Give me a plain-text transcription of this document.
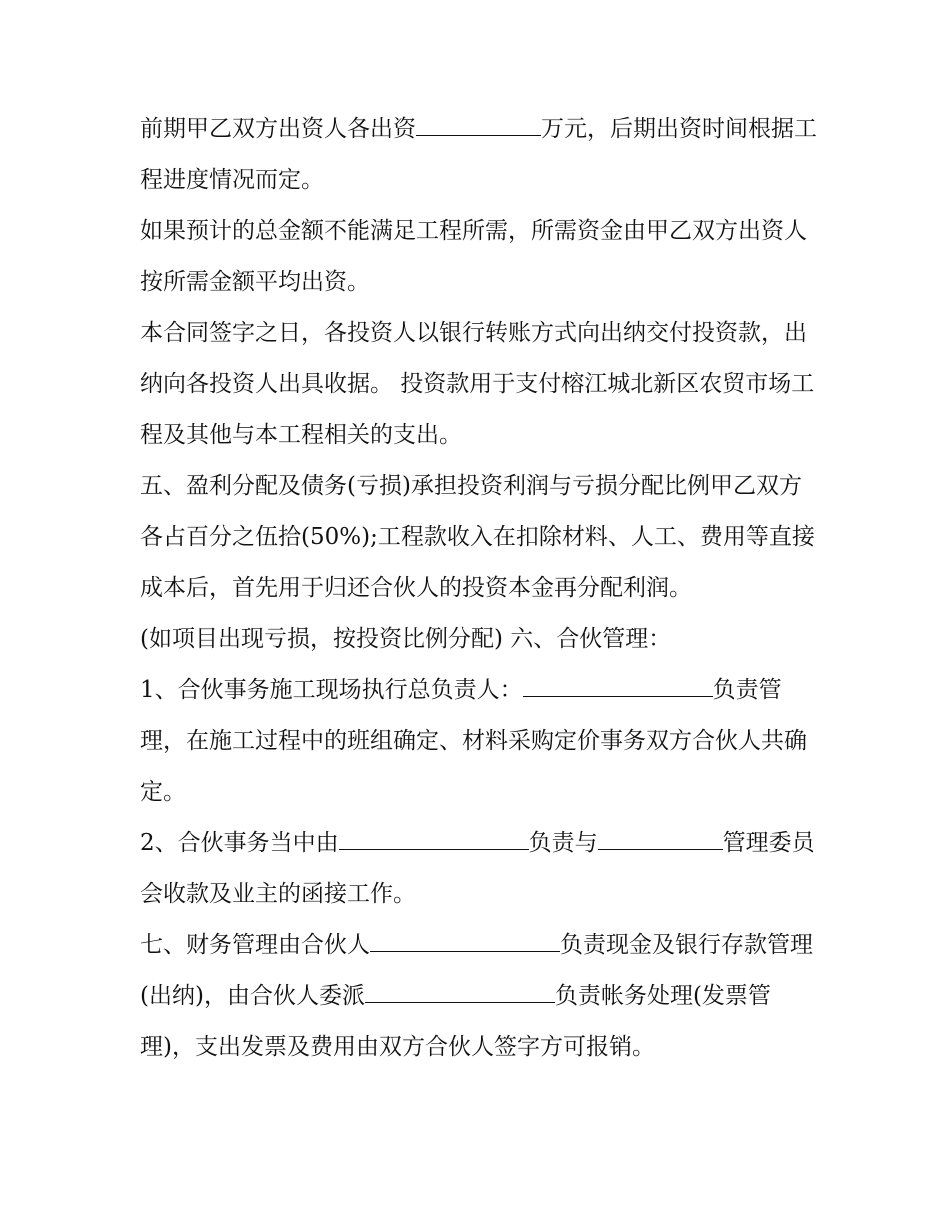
前期甲乙双方出资人各出资	万元，后期出资时间根据工程进度情况而定。

如果预计的总金额不能满足工程所需，所需资金由甲乙双方出资人按所需金额平均出资。

本合同签字之日，各投资人以银行转账方式向出纳交付投资款，出纳向各投资人出具收据。 投资款用于支付榕江城北新区农贸市场工程及其他与本工程相关的支出。

五、盈利分配及债务(亏损)承担投资利润与亏损分配比例甲乙双方各占百分之伍拾(50%);工程款收入在扣除材料、人工、费用等直接成本后，首先用于归还合伙人的投资本金再分配利润。

(如项目出现亏损，按投资比例分配) 六、合伙管理：

1、合伙事务施工现场执行总负责人：	负责管理，在施工过程中的班组确定、材料采购定价事务双方合伙人共确定。

2、合伙事务当中由	负责与	管理委员会收款及业主的函接工作。

七、财务管理由合伙人	负责现金及银行存款管理(出纳)，由合伙人委派	负责帐务处理(发票管理)，支出发票及费用由双方合伙人签字方可报销。
